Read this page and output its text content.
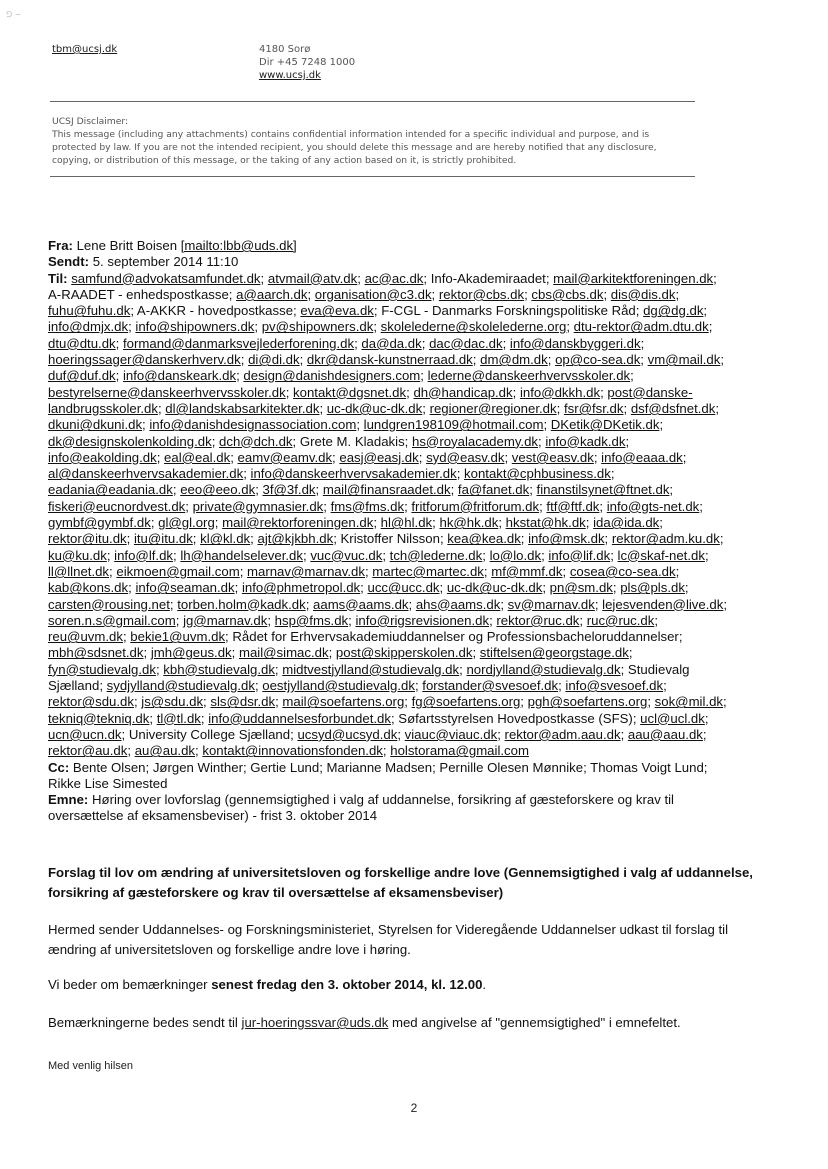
⅁ ~
tbm@ucsj.dk	4180 Sorø
Dir +45 7248 1000
www.ucsj.dk
UCSJ Disclaimer:
This message (including any attachments) contains confidential information intended for a specific individual and purpose, and is
protected by law. If you are not the intended recipient, you should delete this message and are hereby notified that any disclosure,
copying, or distribution of this message, or the taking of any action based on it, is strictly prohibited.
Fra: Lene Britt Boisen [mailto:lbb@uds.dk]
Sendt: 5. september 2014 11:10
Til: samfund@advokatsamfundet.dk; atvmail@atv.dk; ac@ac.dk; Info-Akademiraadet; mail@arkitektforeningen.dk;
A-RAADET - enhedspostkasse; a@aarch.dk; organisation@c3.dk; rektor@cbs.dk; cbs@cbs.dk; dis@dis.dk;
fuhu@fuhu.dk; A-AKKR - hovedpostkasse; eva@eva.dk; F-CGL - Danmarks Forskningspolitiske Råd; dg@dg.dk;
info@dmjx.dk; info@shipowners.dk; pv@shipowners.dk; skolelederne@skolelederne.org; dtu-rektor@adm.dtu.dk;
dtu@dtu.dk; formand@danmarksvejlederforening.dk; da@da.dk; dac@dac.dk; info@danskbyggeri.dk;
hoeringssager@danskerhverv.dk; di@di.dk; dkr@dansk-kunstnerraad.dk; dm@dm.dk; op@co-sea.dk; vm@mail.dk;
duf@duf.dk; info@danskeark.dk; design@danishdesigners.com; lederne@danskeerhvervsskoler.dk;
bestyrelserne@danskeerhvervsskoler.dk; kontakt@dgsnet.dk; dh@handicap.dk; info@dkkh.dk; post@danske-
landbrugsskoler.dk; dl@landskabsarkitekter.dk; uc-dk@uc-dk.dk; regioner@regioner.dk; fsr@fsr.dk; dsf@dsfnet.dk;
dkuni@dkuni.dk; info@danishdesignassociation.com; lundgren198109@hotmail.com; DKetik@DKetik.dk;
dk@designskolenkolding.dk; dch@dch.dk; Grete M. Kladakis; hs@royalacademy.dk; info@kadk.dk;
info@eakolding.dk; eal@eal.dk; eamv@eamv.dk; easj@easj.dk; syd@easv.dk; vest@easv.dk; info@eaaa.dk;
al@danskeerhvervsakademier.dk; info@danskeerhvervsakademier.dk; kontakt@cphbusiness.dk;
eadania@eadania.dk; eeo@eeo.dk; 3f@3f.dk; mail@finansraadet.dk; fa@fanet.dk; finanstilsynet@ftnet.dk;
fiskeri@eucnordvest.dk; private@gymnasier.dk; fms@fms.dk; fritforum@fritforum.dk; ftf@ftf.dk; info@gts-net.dk;
gymbf@gymbf.dk; gl@gl.org; mail@rektorforeningen.dk; hl@hl.dk; hk@hk.dk; hkstat@hk.dk; ida@ida.dk;
rektor@itu.dk; itu@itu.dk; kl@kl.dk; ajt@kjkbh.dk; Kristoffer Nilsson; kea@kea.dk; info@msk.dk; rektor@adm.ku.dk;
ku@ku.dk; info@lf.dk; lh@handelselever.dk; vuc@vuc.dk; tch@lederne.dk; lo@lo.dk; info@lif.dk; lc@skaf-net.dk;
ll@llnet.dk; eikmoen@gmail.com; marnav@marnav.dk; martec@martec.dk; mf@mmf.dk; cosea@co-sea.dk;
kab@kons.dk; info@seaman.dk; info@phmetropol.dk; ucc@ucc.dk; uc-dk@uc-dk.dk; pn@sm.dk; pls@pls.dk;
carsten@rousing.net; torben.holm@kadk.dk; aams@aams.dk; ahs@aams.dk; sv@marnav.dk; lejesvenden@live.dk;
soren.n.s@gmail.com; jg@marnav.dk; hsp@fms.dk; info@rigsrevisionen.dk; rektor@ruc.dk; ruc@ruc.dk;
reu@uvm.dk; bekie1@uvm.dk; Rådet for Erhvervsakademiuddannelser og Professionsbacheloruddannelser;
mbh@sdsnet.dk; jmh@geus.dk; mail@simac.dk; post@skipperskolen.dk; stiftelsen@georgstage.dk;
fyn@studievalg.dk; kbh@studievalg.dk; midtvestjylland@studievalg.dk; nordjylland@studievalg.dk; Studievalg
Sjælland; sydjylland@studievalg.dk; oestjylland@studievalg.dk; forstander@svesoef.dk; info@svesoef.dk;
rektor@sdu.dk; js@sdu.dk; sls@dsr.dk; mail@soefartens.org; fg@soefartens.org; pgh@soefartens.org; sok@mil.dk;
tekniq@tekniq.dk; tl@tl.dk; info@uddannelsesforbundet.dk; Søfartsstyrelsen Hovedpostkasse (SFS); ucl@ucl.dk;
ucn@ucn.dk; University College Sjælland; ucsyd@ucsyd.dk; viauc@viauc.dk; rektor@adm.aau.dk; aau@aau.dk;
rektor@au.dk; au@au.dk; kontakt@innovationsfonden.dk; holstorama@gmail.com
Cc: Bente Olsen; Jørgen Winther; Gertie Lund; Marianne Madsen; Pernille Olesen Mønnike; Thomas Voigt Lund;
Rikke Lise Simested
Emne: Høring over lovforslag (gennemsigtighed i valg af uddannelse, forsikring af gæsteforskere og krav til
oversættelse af eksamensbeviser) - frist 3. oktober 2014
Forslag til lov om ændring af universitetsloven og forskellige andre love (Gennemsigtighed i valg af uddannelse,
forsikring af gæsteforskere og krav til oversættelse af eksamensbeviser)
Hermed sender Uddannelses- og Forskningsministeriet, Styrelsen for Videregående Uddannelser udkast til forslag til
ændring af universitetsloven og forskellige andre love i høring.
Vi beder om bemærkninger senest fredag den 3. oktober 2014, kl. 12.00.
Bemærkningerne bedes sendt til jur-hoeringssvar@uds.dk med angivelse af "gennemsigtighed" i emnefeltet.
Med venlig hilsen
2
